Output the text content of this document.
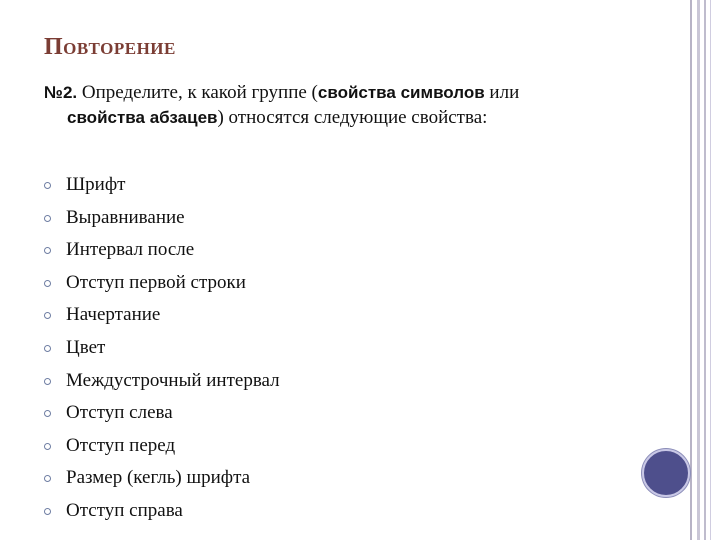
Повторение
№2. Определите, к какой группе (свойства символов или
свойства абзацев) относятся следующие свойства:
Шрифт
Выравнивание
Интервал после
Отступ первой строки
Начертание
Цвет
Междустрочный интервал
Отступ слева
Отступ перед
Размер (кегль) шрифта
Отступ справа
